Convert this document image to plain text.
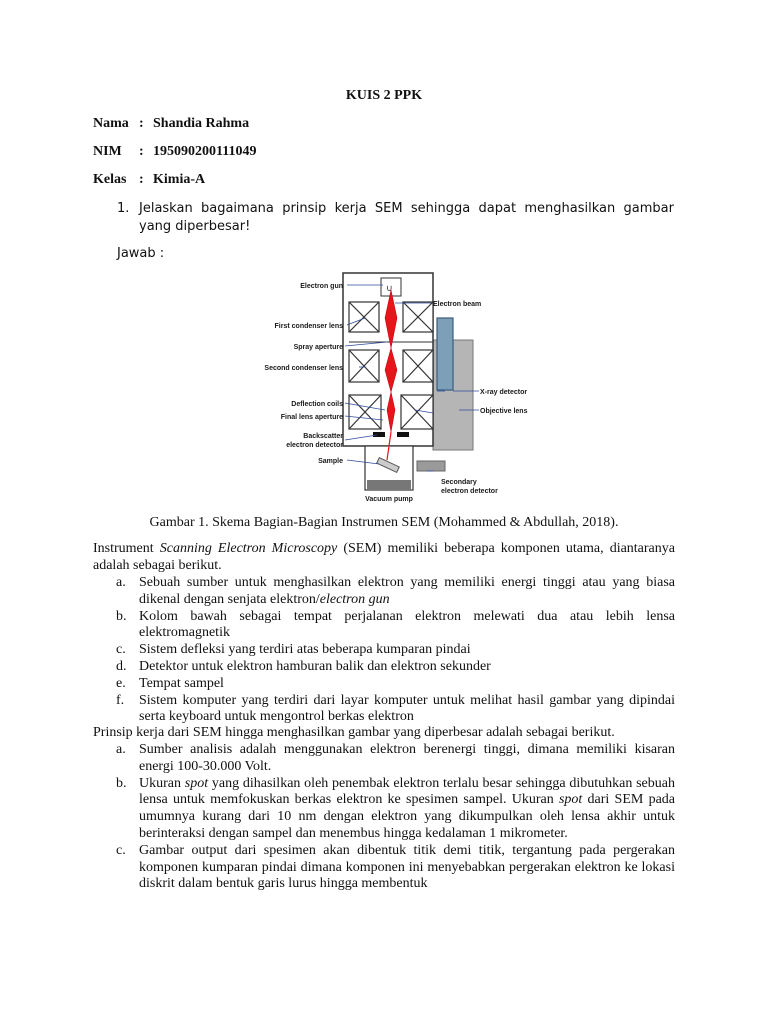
KUIS 2 PPK
Nama : Shandia Rahma
NIM : 195090200111049
Kelas : Kimia-A
1. Jelaskan bagaimana prinsip kerja SEM sehingga dapat menghasilkan gambar yang diperbesar!
Jawab :
∪
Electron gun
Electron beam
First condenser lens
Spray aperture
Second condenser lens
Deflection coils
Final lens aperture
Backscatter
electron detector
Sample
Vacuum pump
X-ray detector
Objective lens
Secondary
electron detector
Gambar 1. Skema Bagian-Bagian Instrumen SEM (Mohammed & Abdullah, 2018).
Instrument Scanning Electron Microscopy (SEM) memiliki beberapa komponen utama, diantaranya adalah sebagai berikut.
a. Sebuah sumber untuk menghasilkan elektron yang memiliki energi tinggi atau yang biasa dikenal dengan senjata elektron/electron gun
b. Kolom bawah sebagai tempat perjalanan elektron melewati dua atau lebih lensa elektromagnetik
c. Sistem defleksi yang terdiri atas beberapa kumparan pindai
d. Detektor untuk elektron hamburan balik dan elektron sekunder
e. Tempat sampel
f. Sistem komputer yang terdiri dari layar komputer untuk melihat hasil gambar yang dipindai serta keyboard untuk mengontrol berkas elektron
Prinsip kerja dari SEM hingga menghasilkan gambar yang diperbesar adalah sebagai berikut.
a. Sumber analisis adalah menggunakan elektron berenergi tinggi, dimana memiliki kisaran energi 100-30.000 Volt.
b. Ukuran spot yang dihasilkan oleh penembak elektron terlalu besar sehingga dibutuhkan sebuah lensa untuk memfokuskan berkas elektron ke spesimen sampel. Ukuran spot dari SEM pada umumnya kurang dari 10 nm dengan elektron yang dikumpulkan oleh lensa akhir untuk berinteraksi dengan sampel dan menembus hingga kedalaman 1 mikrometer.
c. Gambar output dari spesimen akan dibentuk titik demi titik, tergantung pada pergerakan komponen kumparan pindai dimana komponen ini menyebabkan pergerakan elektron ke lokasi diskrit dalam bentuk garis lurus hingga membentuk
